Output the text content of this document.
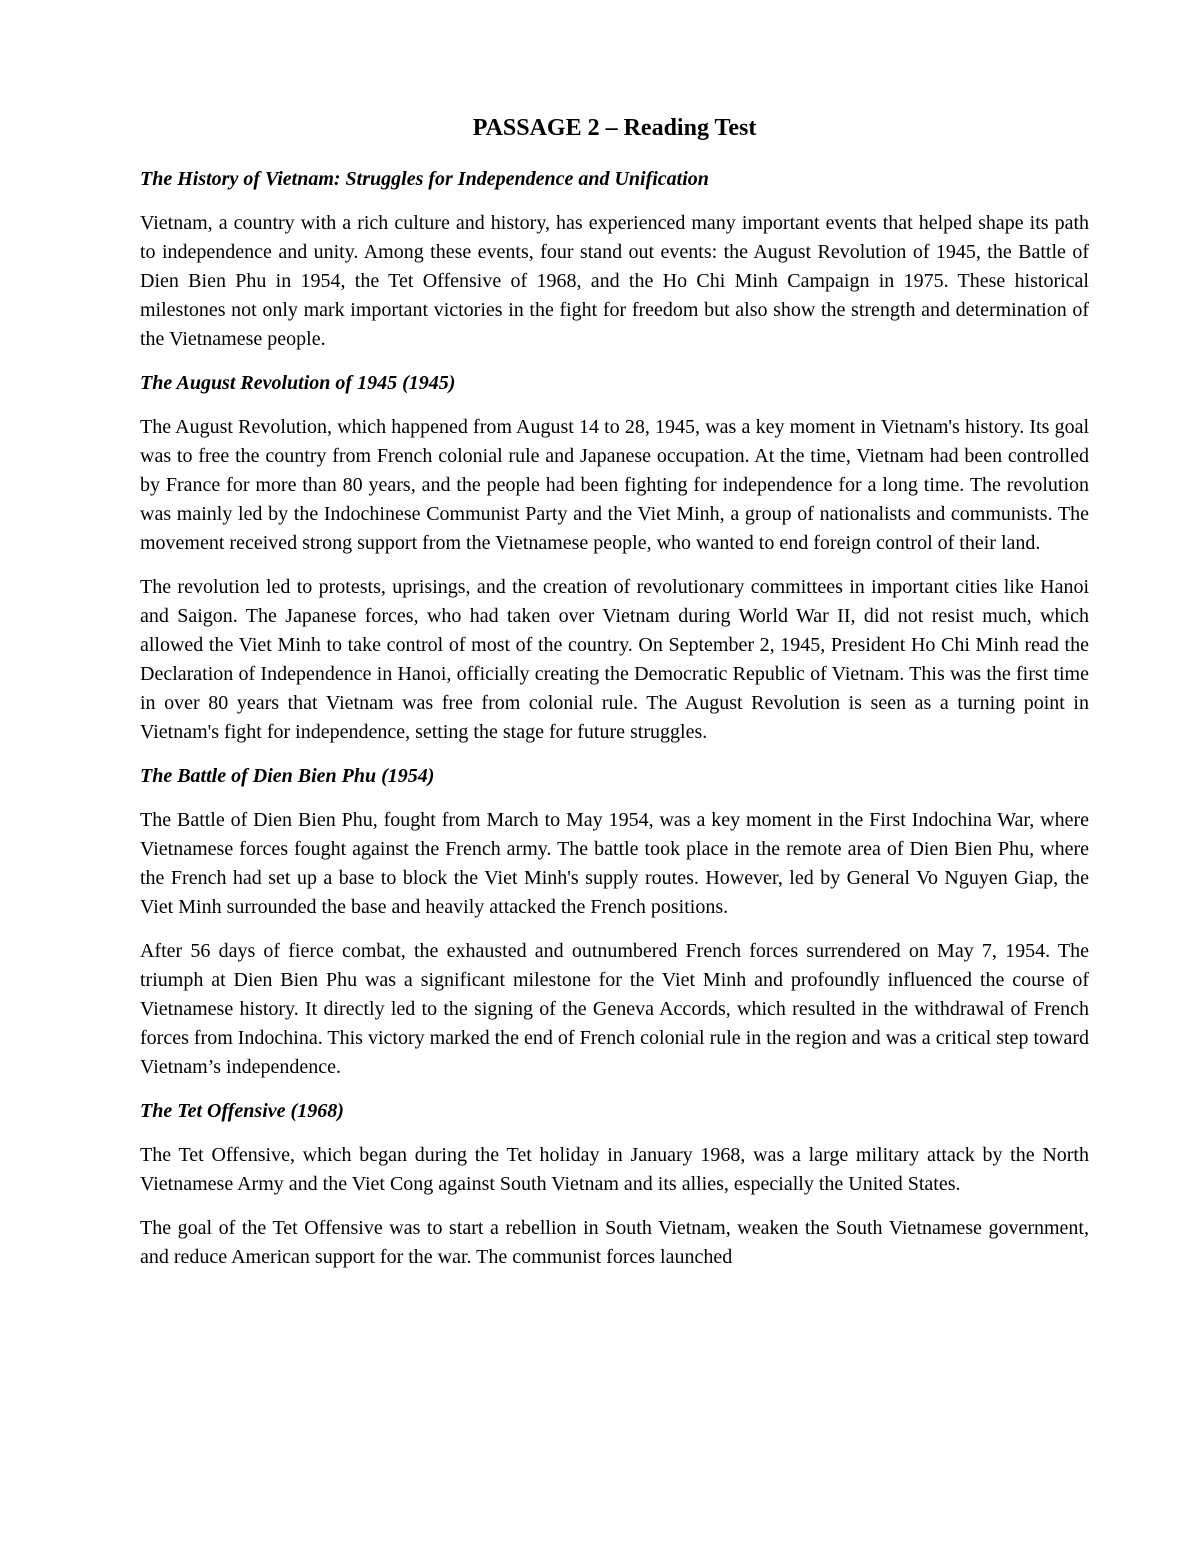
PASSAGE 2 – Reading Test
The History of Vietnam: Struggles for Independence and Unification

Vietnam, a country with a rich culture and history, has experienced many important events that helped shape its path to independence and unity. Among these events, four stand out events: the August Revolution of 1945, the Battle of Dien Bien Phu in 1954, the Tet Offensive of 1968, and the Ho Chi Minh Campaign in 1975. These historical milestones not only mark important victories in the fight for freedom but also show the strength and determination of the Vietnamese people.

The August Revolution of 1945 (1945)

The August Revolution, which happened from August 14 to 28, 1945, was a key moment in Vietnam's history. Its goal was to free the country from French colonial rule and Japanese occupation. At the time, Vietnam had been controlled by France for more than 80 years, and the people had been fighting for independence for a long time. The revolution was mainly led by the Indochinese Communist Party and the Viet Minh, a group of nationalists and communists. The movement received strong support from the Vietnamese people, who wanted to end foreign control of their land.

The revolution led to protests, uprisings, and the creation of revolutionary committees in important cities like Hanoi and Saigon. The Japanese forces, who had taken over Vietnam during World War II, did not resist much, which allowed the Viet Minh to take control of most of the country. On September 2, 1945, President Ho Chi Minh read the Declaration of Independence in Hanoi, officially creating the Democratic Republic of Vietnam. This was the first time in over 80 years that Vietnam was free from colonial rule. The August Revolution is seen as a turning point in Vietnam's fight for independence, setting the stage for future struggles.

The Battle of Dien Bien Phu (1954)

The Battle of Dien Bien Phu, fought from March to May 1954, was a key moment in the First Indochina War, where Vietnamese forces fought against the French army. The battle took place in the remote area of Dien Bien Phu, where the French had set up a base to block the Viet Minh's supply routes. However, led by General Vo Nguyen Giap, the Viet Minh surrounded the base and heavily attacked the French positions.

After 56 days of fierce combat, the exhausted and outnumbered French forces surrendered on May 7, 1954. The triumph at Dien Bien Phu was a significant milestone for the Viet Minh and profoundly influenced the course of Vietnamese history. It directly led to the signing of the Geneva Accords, which resulted in the withdrawal of French forces from Indochina. This victory marked the end of French colonial rule in the region and was a critical step toward Vietnam’s independence.

The Tet Offensive (1968)

The Tet Offensive, which began during the Tet holiday in January 1968, was a large military attack by the North Vietnamese Army and the Viet Cong against South Vietnam and its allies, especially the United States.

The goal of the Tet Offensive was to start a rebellion in South Vietnam, weaken the South Vietnamese government, and reduce American support for the war. The communist forces launched
